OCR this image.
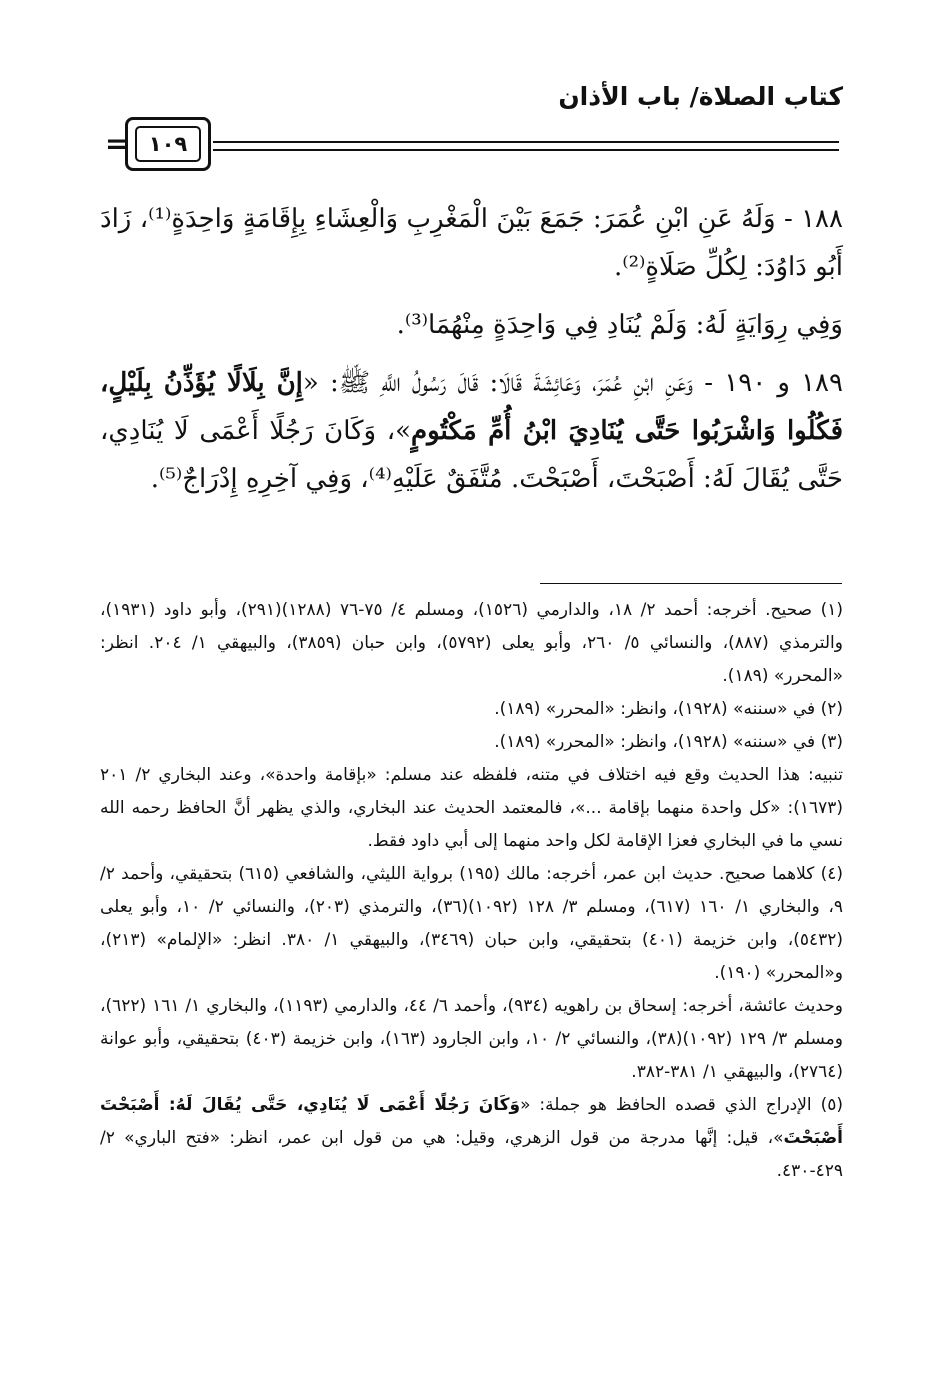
كتاب الصلاة/ باب الأذان
= ١٠٩

١٨٨ - وَلَهُ عَنِ ابْنِ عُمَرَ: جَمَعَ بَيْنَ الْمَغْرِبِ وَالْعِشَاءِ بِإِقَامَةٍ وَاحِدَةٍ⁽¹⁾، زَادَ أَبُو دَاوُدَ: لِكُلِّ صَلَاةٍ⁽²⁾.

وَفِي رِوَايَةٍ لَهُ: وَلَمْ يُنَادِ فِي وَاحِدَةٍ مِنْهُمَا⁽³⁾.

١٨٩ و ١٩٠ - وَعَنِ ابْنِ عُمَرَ، وَعَائِشَةَ قَالَا: قَالَ رَسُولُ اللَّهِ ﷺ: «إِنَّ بِلَالًا يُؤَذِّنُ بِلَيْلٍ، فَكُلُوا وَاشْرَبُوا حَتَّى يُنَادِيَ ابْنُ أُمِّ مَكْتُومٍ»، وَكَانَ رَجُلًا أَعْمَى لَا يُنَادِي، حَتَّى يُقَالَ لَهُ: أَصْبَحْتَ، أَصْبَحْتَ. مُتَّفَقٌ عَلَيْهِ⁽⁴⁾، وَفِي آخِرِهِ إِدْرَاجٌ⁽⁵⁾.

(١) صحيح. أخرجه: أحمد ٢/ ١٨، والدارمي (١٥٢٦)، ومسلم ٤/ ٧٥-٧٦ (١٢٨٨)(٢٩١)، وأبو داود (١٩٣١)، والترمذي (٨٨٧)، والنسائي ٥/ ٢٦٠، وأبو يعلى (٥٧٩٢)، وابن حبان (٣٨٥٩)، والبيهقي ١/ ٢٠٤. انظر: «المحرر» (١٨٩).

(٢) في «سننه» (١٩٢٨)، وانظر: «المحرر» (١٨٩).

(٣) في «سننه» (١٩٢٨)، وانظر: «المحرر» (١٨٩).

تنبيه: هذا الحديث وقع فيه اختلاف في متنه، فلفظه عند مسلم: «بإقامة واحدة»، وعند البخاري ٢/ ٢٠١ (١٦٧٣): «كل واحدة منهما بإقامة ...»، فالمعتمد الحديث عند البخاري، والذي يظهر أنَّ الحافظ رحمه الله نسي ما في البخاري فعزا الإقامة لكل واحد منهما إلى أبي داود فقط.

(٤) كلاهما صحيح. حديث ابن عمر، أخرجه: مالك (١٩٥) برواية الليثي، والشافعي (٦١٥) بتحقيقي، وأحمد ٢/ ٩، والبخاري ١/ ١٦٠ (٦١٧)، ومسلم ٣/ ١٢٨ (١٠٩٢)(٣٦)، والترمذي (٢٠٣)، والنسائي ٢/ ١٠، وأبو يعلى (٥٤٣٢)، وابن خزيمة (٤٠١) بتحقيقي، وابن حبان (٣٤٦٩)، والبيهقي ١/ ٣٨٠. انظر: «الإلمام» (٢١٣)، و«المحرر» (١٩٠).

وحديث عائشة، أخرجه: إسحاق بن راهويه (٩٣٤)، وأحمد ٦/ ٤٤، والدارمي (١١٩٣)، والبخاري ١/ ١٦١ (٦٢٢)، ومسلم ٣/ ١٢٩ (١٠٩٢)(٣٨)، والنسائي ٢/ ١٠، وابن الجارود (١٦٣)، وابن خزيمة (٤٠٣) بتحقيقي، وأبو عوانة (٢٧٦٤)، والبيهقي ١/ ٣٨١-٣٨٢.

(٥) الإدراج الذي قصده الحافظ هو جملة: «وَكَانَ رَجُلًا أَعْمَى لَا يُنَادِي، حَتَّى يُقَالَ لَهُ: أَصْبَحْتَ أَصْبَحْتَ»، قيل: إنَّها مدرجة من قول الزهري، وقيل: هي من قول ابن عمر، انظر: «فتح الباري» ٢/ ٤٢٩-٤٣٠.
